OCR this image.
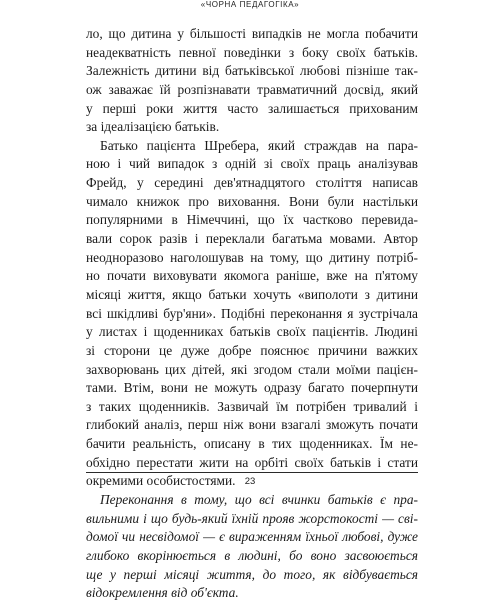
«ЧОРНА ПЕДАГОГІКА»
ло, що дитина у більшості випадків не могла побачити
неадекватність певної поведінки з боку своїх батьків.
Залежність дитини від батьківської любові пізніше так-
ож заважає їй розпізнавати травматичний досвід, який
у перші роки життя часто залишається прихованим
за ідеалізацією батьків.
Батько пацієнта Шребера, який страждав на пара-
ною і чий випадок з одній зі своїх праць аналізував
Фрейд, у середині дев'ятнадцятого століття написав
чимало книжок про виховання. Вони були настільки
популярними в Німеччині, що їх частково перевида-
вали сорок разів і переклали багатьма мовами. Автор
неодноразово наголошував на тому, що дитину потріб-
но почати виховувати якомога раніше, вже на п'ятому
місяці життя, якщо батьки хочуть «виполоти з дитини
всі шкідливі бур'яни». Подібні переконання я зустрічала
у листах і щоденниках батьків своїх пацієнтів. Людині
зі сторони це дуже добре пояснює причини важких
захворювань цих дітей, які згодом стали моїми пацієн-
тами. Втім, вони не можуть одразу багато почерпнути
з таких щоденників. Зазвичай їм потрібен тривалий і
глибокий аналіз, перш ніж вони взагалі зможуть почати
бачити реальність, описану в тих щоденниках. Їм не-
обхідно перестати жити на орбіті своїх батьків і стати
окремими особистостями.
Переконання в тому, що всі вчинки батьків є пра-
вильними і що будь-який їхній прояв жорстокості — сві-
домої чи несвідомої — є вираженням їхньої любові, дуже
глибоко вкорінюється в людині, бо воно засвоюється
ще у перші місяці життя, до того, як відбувається
відокремлення від об'єкта.
23
